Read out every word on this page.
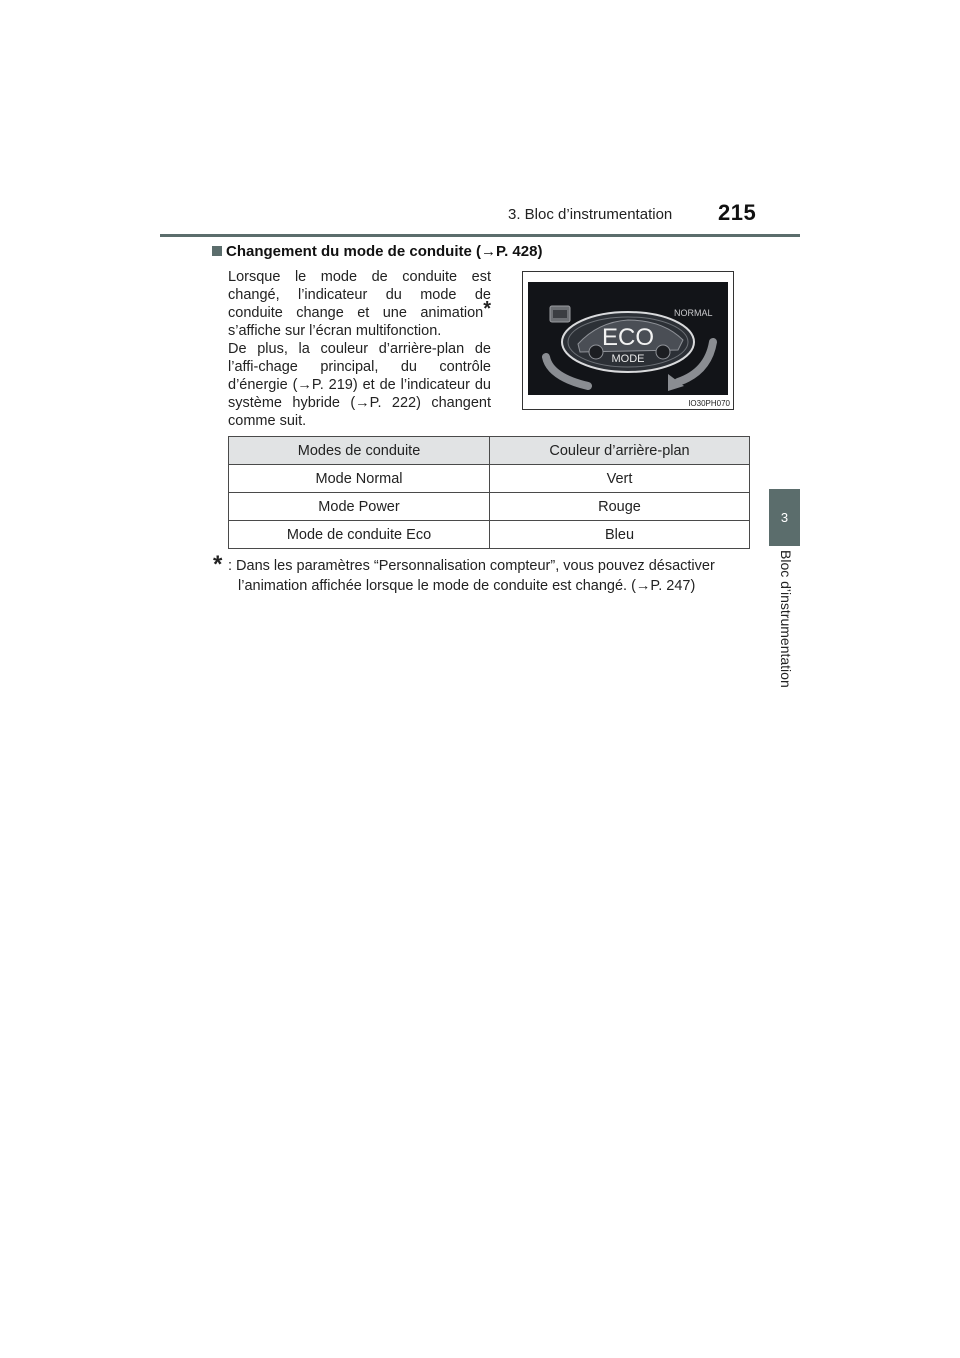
3. Bloc d’instrumentation 215
3
Bloc d’instrumentation
Changement du mode de conduite (→P. 428)

Lorsque le mode de conduite est changé, l’indicateur du mode de conduite change et une animation* s’affiche sur l’écran multifonction.

De plus, la couleur d’arrière-plan de l’affi-chage principal, du contrôle d’énergie (→P. 219) et de l’indicateur du système hybride (→P. 222) changent comme suit.

ECO
MODE
NORMAL
IO30PH070
Modes de conduite	Couleur d’arrière-plan
Mode Normal	Vert
Mode Power	Rouge
Mode de conduite Eco	Bleu
* : Dans les paramètres “Personnalisation compteur”, vous pouvez désactiver
l’animation affichée lorsque le mode de conduite est changé. (→P. 247)
